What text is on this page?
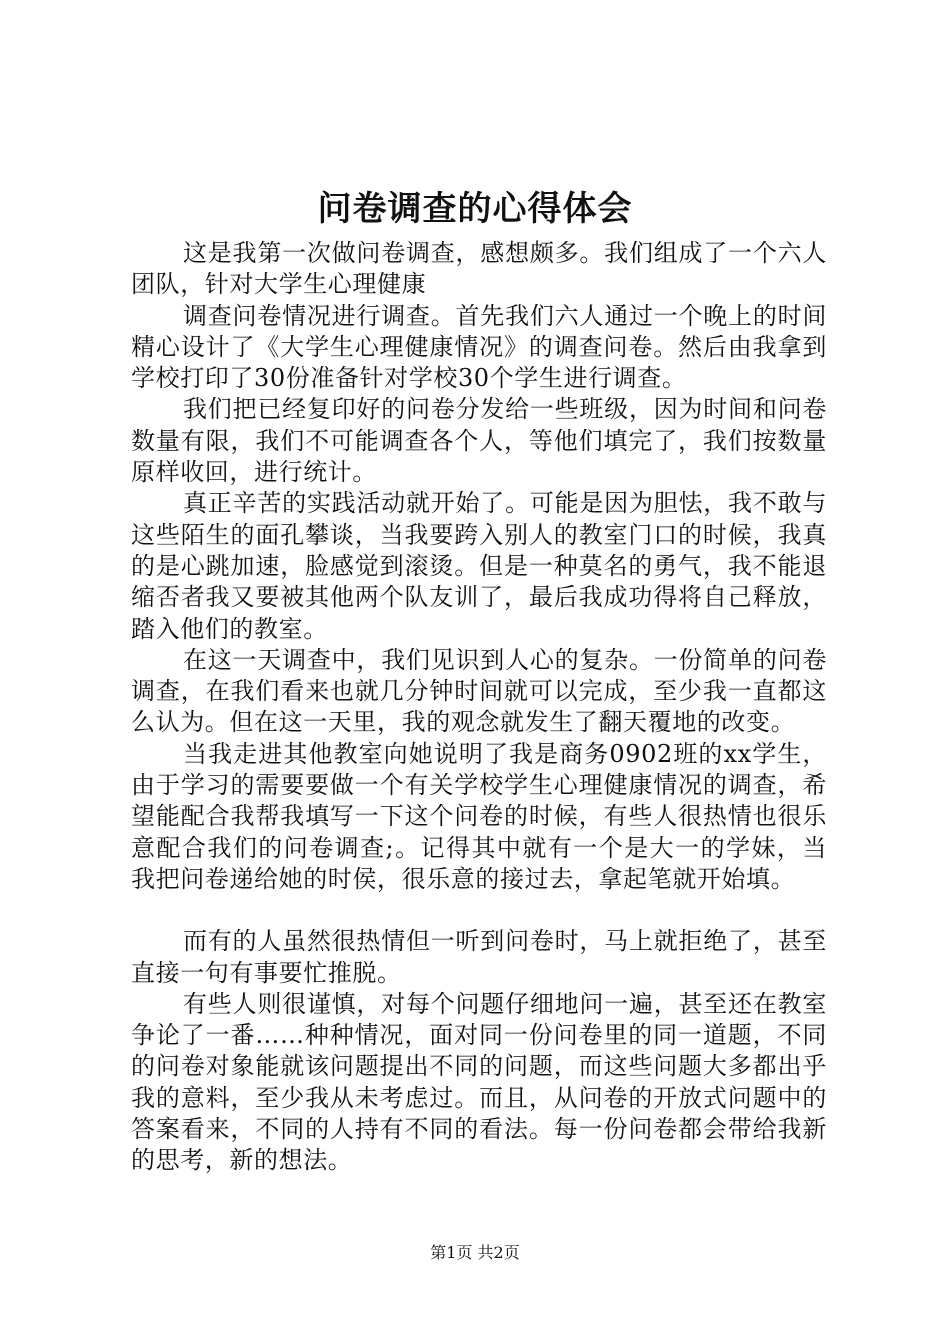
问卷调查的心得体会

这是我第一次做问卷调查，感想颇多。我们组成了一个六人团队，针对大学生心理健康

调查问卷情况进行调查。首先我们六人通过一个晚上的时间精心设计了《大学生心理健康情况》的调查问卷。然后由我拿到学校打印了30份准备针对学校30个学生进行调查。

我们把已经复印好的问卷分发给一些班级，因为时间和问卷数量有限，我们不可能调查各个人，等他们填完了，我们按数量原样收回，进行统计。

真正辛苦的实践活动就开始了。可能是因为胆怯，我不敢与这些陌生的面孔攀谈，当我要跨入别人的教室门口的时候，我真的是心跳加速，脸感觉到滚烫。但是一种莫名的勇气，我不能退缩否者我又要被其他两个队友训了，最后我成功得将自己释放，踏入他们的教室。

在这一天调查中，我们见识到人心的复杂。一份简单的问卷调查，在我们看来也就几分钟时间就可以完成，至少我一直都这么认为。但在这一天里，我的观念就发生了翻天覆地的改变。

当我走进其他教室向她说明了我是商务0902班的xx学生，由于学习的需要要做一个有关学校学生心理健康情况的调查，希望能配合我帮我填写一下这个问卷的时候，有些人很热情也很乐意配合我们的问卷调查;。记得其中就有一个是大一的学妹，当我把问卷递给她的时侯，很乐意的接过去，拿起笔就开始填。

而有的人虽然很热情但一听到问卷时，马上就拒绝了，甚至直接一句有事要忙推脱。

有些人则很谨慎，对每个问题仔细地问一遍，甚至还在教室争论了一番……种种情况，面对同一份问卷里的同一道题，不同的问卷对象能就该问题提出不同的问题，而这些问题大多都出乎我的意料，至少我从未考虑过。而且，从问卷的开放式问题中的答案看来，不同的人持有不同的看法。每一份问卷都会带给我新的思考，新的想法。

第1页 共2页
